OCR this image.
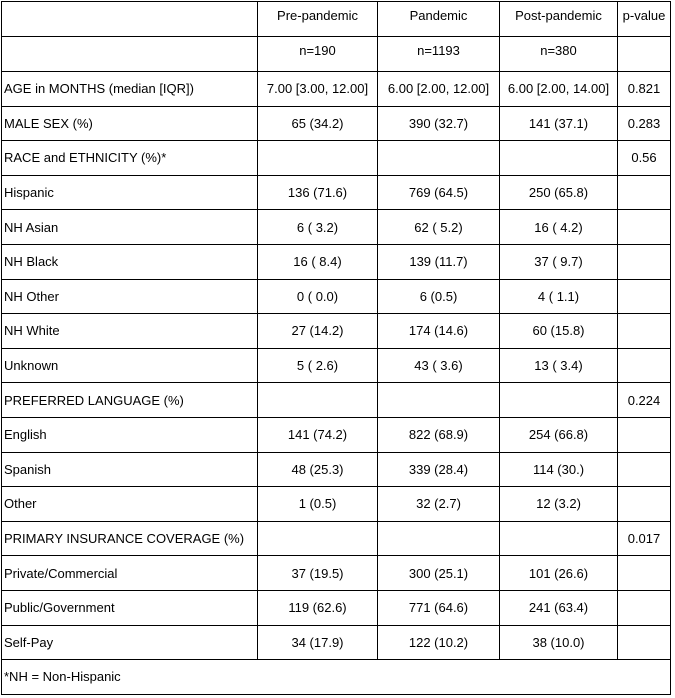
	Pre-pandemic	Pandemic	Post-pandemic	p-value
	n=190	n=1193	n=380	
AGE in MONTHS (median [IQR])	7.00 [3.00, 12.00]	6.00 [2.00, 12.00]	6.00 [2.00, 14.00]	0.821
MALE SEX (%)	65 (34.2)	390 (32.7)	141 (37.1)	0.283
RACE and ETHNICITY (%)*				0.56
Hispanic	136 (71.6)	769 (64.5)	250 (65.8)	
NH Asian	6 ( 3.2)	62 ( 5.2)	16 ( 4.2)	
NH Black	16 ( 8.4)	139 (11.7)	37 ( 9.7)	
NH Other	0 ( 0.0)	6 (0.5)	4 ( 1.1)	
NH White	27 (14.2)	174 (14.6)	60 (15.8)	
Unknown	5 ( 2.6)	43 ( 3.6)	13 ( 3.4)	
PREFERRED LANGUAGE (%)				0.224
English	141 (74.2)	822 (68.9)	254 (66.8)	
Spanish	48 (25.3)	339 (28.4)	114 (30.)	
Other	1 (0.5)	32 (2.7)	12 (3.2)	
PRIMARY INSURANCE COVERAGE (%)				0.017
Private/Commercial	37 (19.5)	300 (25.1)	101 (26.6)	
Public/Government	119 (62.6)	771 (64.6)	241 (63.4)	
Self-Pay	34 (17.9)	122 (10.2)	38 (10.0)	
*NH = Non-Hispanic				
